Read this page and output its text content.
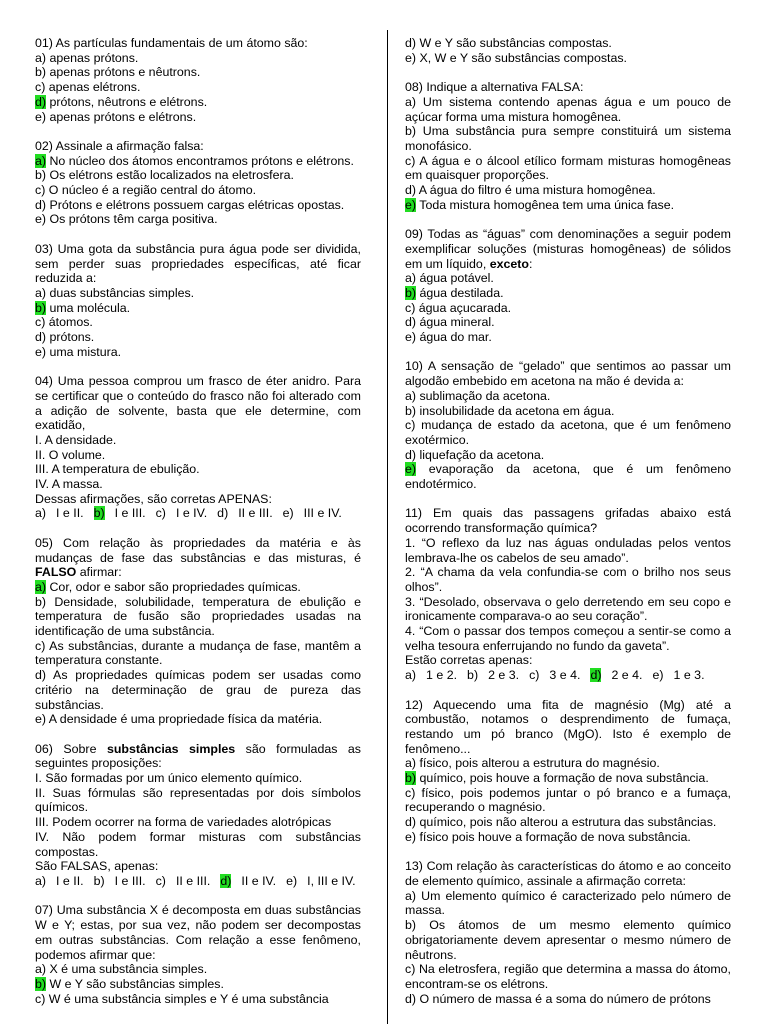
01) As partículas fundamentais de um átomo são:

a) apenas prótons.

b) apenas prótons e nêutrons.

c) apenas elétrons.

d) prótons, nêutrons e elétrons.

e) apenas prótons e elétrons.

02) Assinale a afirmação falsa:

a) No núcleo dos átomos encontramos prótons e elétrons.

b) Os elétrons estão localizados na eletrosfera.

c) O núcleo é a região central do átomo.

d) Prótons e elétrons possuem cargas elétricas opostas.

e) Os prótons têm carga positiva.

03) Uma gota da substância pura água pode ser dividida, sem perder suas propriedades específicas, até ficar reduzida a:

a) duas substâncias simples.

b) uma molécula.

c) átomos.

d) prótons.

e) uma mistura.

04) Uma pessoa comprou um frasco de éter anidro. Para se certificar que o conteúdo do frasco não foi alterado com a adição de solvente, basta que ele determine, com exatidão,

I. A densidade.

II. O volume.

III. A temperatura de ebulição.

IV. A massa.

Dessas afirmações, são corretas APENAS:

a) I e II. b) I e III. c) I e IV. d) II e III. e) III e IV.

05) Com relação às propriedades da matéria e às mudanças de fase das substâncias e das misturas, é FALSO afirmar:

a) Cor, odor e sabor são propriedades químicas.

b) Densidade, solubilidade, temperatura de ebulição e temperatura de fusão são propriedades usadas na identificação de uma substância.

c) As substâncias, durante a mudança de fase, mantêm a temperatura constante.

d) As propriedades químicas podem ser usadas como critério na determinação de grau de pureza das substâncias.

e) A densidade é uma propriedade física da matéria.

06) Sobre substâncias simples são formuladas as seguintes proposições:

I. São formadas por um único elemento químico.

II. Suas fórmulas são representadas por dois símbolos químicos.

III. Podem ocorrer na forma de variedades alotrópicas

IV. Não podem formar misturas com substâncias compostas.

São FALSAS, apenas:

a) I e II. b) I e III. c) II e III. d) II e IV. e) I, III e IV.

07) Uma substância X é decomposta em duas substâncias W e Y; estas, por sua vez, não podem ser decompostas em outras substâncias. Com relação a esse fenômeno, podemos afirmar que:

a) X é uma substância simples.

b) W e Y são substâncias simples.

c) W é uma substância simples e Y é uma substância

d) W e Y são substâncias compostas.

e) X, W e Y são substâncias compostas.

08) Indique a alternativa FALSA:

a) Um sistema contendo apenas água e um pouco de açúcar forma uma mistura homogênea.

b) Uma substância pura sempre constituirá um sistema monofásico.

c) A água e o álcool etílico formam misturas homogêneas em quaisquer proporções.

d) A água do filtro é uma mistura homogênea.

e) Toda mistura homogênea tem uma única fase.

09) Todas as “águas” com denominações a seguir podem exemplificar soluções (misturas homogêneas) de sólidos em um líquido, exceto:

a) água potável.

b) água destilada.

c) água açucarada.

d) água mineral.

e) água do mar.

10) A sensação de “gelado” que sentimos ao passar um algodão embebido em acetona na mão é devida a:

a) sublimação da acetona.

b) insolubilidade da acetona em água.

c) mudança de estado da acetona, que é um fenômeno exotérmico.

d) liquefação da acetona.

e) evaporação da acetona, que é um fenômeno endotérmico.

11) Em quais das passagens grifadas abaixo está ocorrendo transformação química?

1. “O reflexo da luz nas águas onduladas pelos ventos lembrava-lhe os cabelos de seu amado”.

2. “A chama da vela confundia-se com o brilho nos seus olhos”.

3. “Desolado, observava o gelo derretendo em seu copo e ironicamente comparava-o ao seu coração”.

4. “Com o passar dos tempos começou a sentir-se como a velha tesoura enferrujando no fundo da gaveta”.

Estão corretas apenas:

a) 1 e 2. b) 2 e 3. c) 3 e 4. d) 2 e 4. e) 1 e 3.

12) Aquecendo uma fita de magnésio (Mg) até a combustão, notamos o desprendimento de fumaça, restando um pó branco (MgO). Isto é exemplo de fenômeno...

a) físico, pois alterou a estrutura do magnésio.

b) químico, pois houve a formação de nova substância.

c) físico, pois podemos juntar o pó branco e a fumaça, recuperando o magnésio.

d) químico, pois não alterou a estrutura das substâncias.

e) físico pois houve a formação de nova substância.

13) Com relação às características do átomo e ao conceito de elemento químico, assinale a afirmação correta:

a) Um elemento químico é caracterizado pelo número de massa.

b) Os átomos de um mesmo elemento químico obrigatoriamente devem apresentar o mesmo número de nêutrons.

c) Na eletrosfera, região que determina a massa do átomo, encontram-se os elétrons.

d) O número de massa é a soma do número de prótons
